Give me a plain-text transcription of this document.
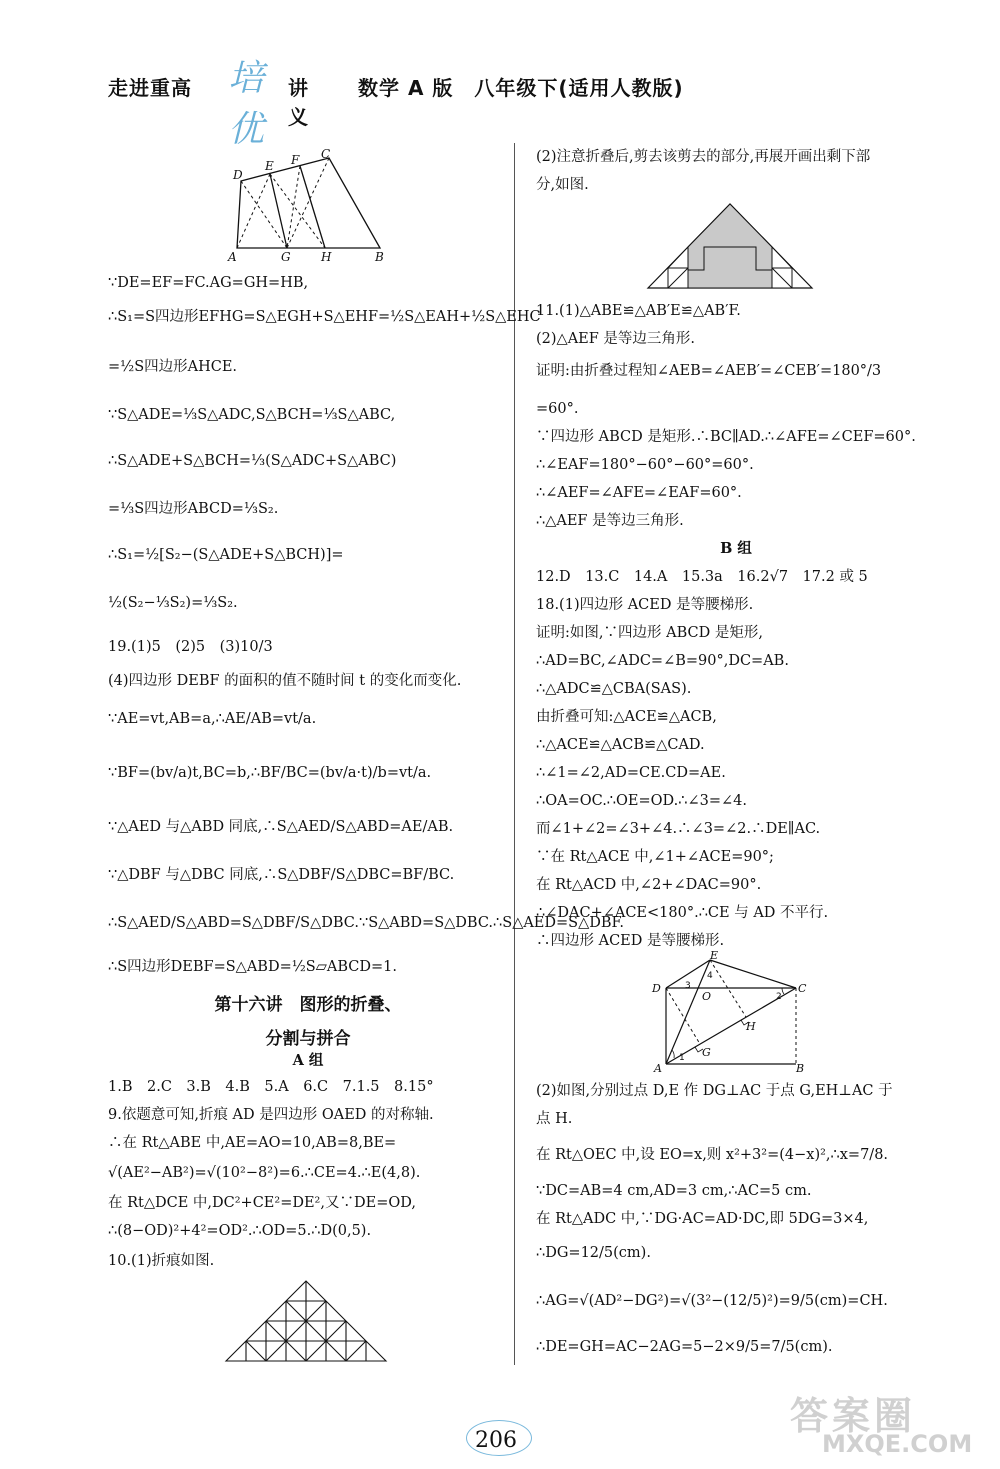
走进重高 培优
讲义
数学 A 版　八年级下(适用人教版)
D
E F C
A	G	H	B
∵DE=EF=FC.AG=GH=HB,
∴S₁=S四边形EFHG=S△EGH+S△EHF=½S△EAH+½S△EHC
=½S四边形AHCE.
∵S△ADE=⅓S△ADC,S△BCH=⅓S△ABC,
∴S△ADE+S△BCH=⅓(S△ADC+S△ABC)
=⅓S四边形ABCD=⅓S₂.
∴S₁=½[S₂−(S△ADE+S△BCH)]=
½(S₂−⅓S₂)=⅓S₂.
19.(1)5　(2)5　(3)10/3
(4)四边形 DEBF 的面积的值不随时间 t 的变化而变化.
∵AE=vt,AB=a,∴AE/AB=vt/a.
∵BF=(bv/a)t,BC=b,∴BF/BC=(bv/a·t)/b=vt/a.
∵△AED 与△ABD 同底,∴S△AED/S△ABD=AE/AB.
∵△DBF 与△DBC 同底,∴S△DBF/S△DBC=BF/BC.
∴S△AED/S△ABD=S△DBF/S△DBC.∵S△ABD=S△DBC.∴S△AED=S△DBF.
∴S四边形DEBF=S△ABD=½S▱ABCD=1.
第十六讲　图形的折叠、
分割与拼合
A 组
1.B　2.C　3.B　4.B　5.A　6.C　7.1.5　8.15°
9.依题意可知,折痕 AD 是四边形 OAED 的对称轴.
∴在 Rt△ABE 中,AE=AO=10,AB=8,BE=
√(AE²−AB²)=√(10²−8²)=6.∴CE=4.∴E(4,8).
在 Rt△DCE 中,DC²+CE²=DE²,又∵DE=OD,
∴(8−OD)²+4²=OD².∴OD=5.∴D(0,5).
10.(1)折痕如图.
(2)注意折叠后,剪去该剪去的部分,再展开画出剩下部
分,如图.
11.(1)△ABE≌△AB′E≌△AB′F.
(2)△AEF 是等边三角形.
证明:由折叠过程知∠AEB=∠AEB′=∠CEB′=180°/3
=60°.
∵四边形 ABCD 是矩形.∴BC∥AD.∴∠AFE=∠CEF=60°.
∴∠EAF=180°−60°−60°=60°.
∴∠AEF=∠AFE=∠EAF=60°.
∴△AEF 是等边三角形.
B 组
12.D　13.C　14.A　15.3a　16.2√7　17.2 或 5
18.(1)四边形 ACED 是等腰梯形.
证明:如图,∵四边形 ABCD 是矩形,
∴AD=BC,∠ADC=∠B=90°,DC=AB.
∴△ADC≌△CBA(SAS).
由折叠可知:△ACE≌△ACB,
∴△ACE≌△ACB≌△CAD.
∴∠1=∠2,AD=CE.CD=AE.
∴OA=OC.∴OE=OD.∴∠3=∠4.
而∠1+∠2=∠3+∠4.∴∠3=∠2.∴DE∥AC.
∵在 Rt△ACE 中,∠1+∠ACE=90°;
在 Rt△ACD 中,∠2+∠DAC=90°.
∴∠DAC+∠ACE<180°.∴CE 与 AD 不平行.
∴四边形 ACED 是等腰梯形.
E
D	C
O
H
G
A	B
1
2
3
4
(2)如图,分别过点 D,E 作 DG⊥AC 于点 G,EH⊥AC 于
点 H.
在 Rt△OEC 中,设 EO=x,则 x²+3²=(4−x)²,∴x=7/8.
∵DC=AB=4 cm,AD=3 cm,∴AC=5 cm.
在 Rt△ADC 中,∵DG·AC=AD·DC,即 5DG=3×4,
∴DG=12/5(cm).
∴AG=√(AD²−DG²)=√(3²−(12/5)²)=9/5(cm)=CH.
∴DE=GH=AC−2AG=5−2×9/5=7/5(cm).
206
答案圈
MXQE.COM
